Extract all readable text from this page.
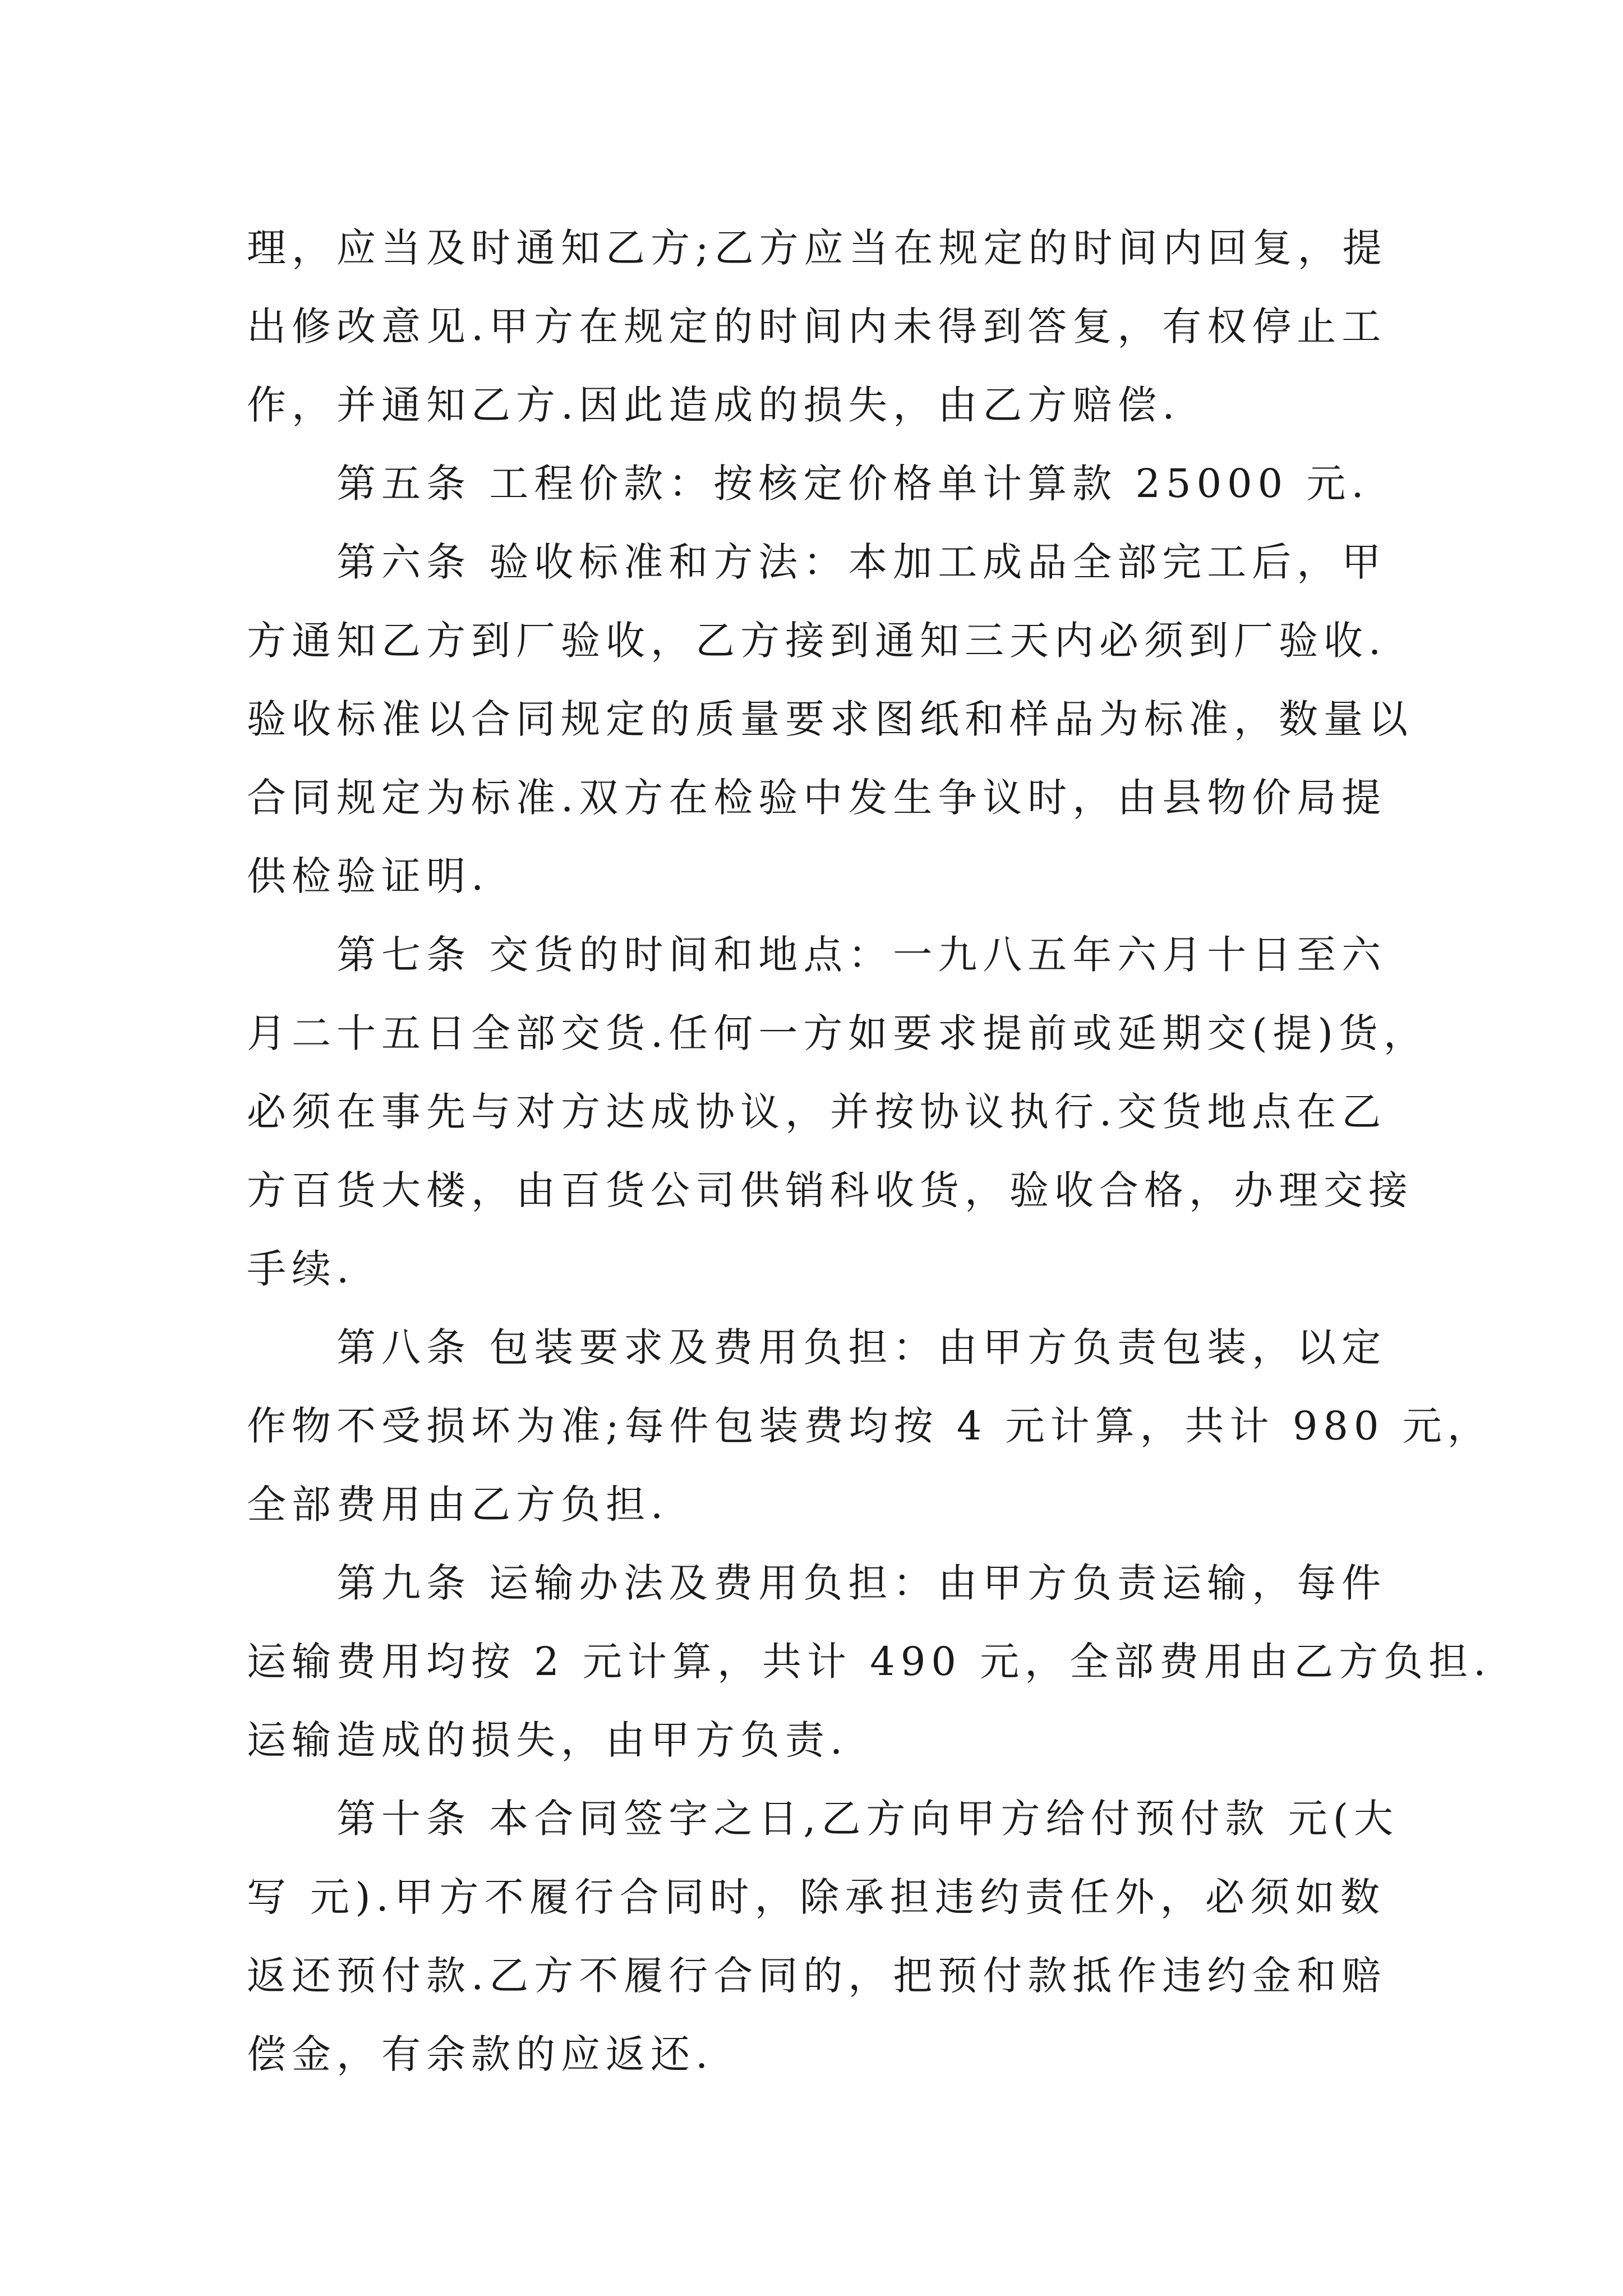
理，应当及时通知乙方;乙方应当在规定的时间内回复，提
出修改意见.甲方在规定的时间内未得到答复，有权停止工
作，并通知乙方.因此造成的损失，由乙方赔偿.
第五条 工程价款：按核定价格单计算款 25000 元.
第六条 验收标准和方法：本加工成品全部完工后，甲
方通知乙方到厂验收，乙方接到通知三天内必须到厂验收.
验收标准以合同规定的质量要求图纸和样品为标准，数量以
合同规定为标准.双方在检验中发生争议时，由县物价局提
供检验证明.
第七条 交货的时间和地点：一九八五年六月十日至六
月二十五日全部交货.任何一方如要求提前或延期交(提)货，
必须在事先与对方达成协议，并按协议执行.交货地点在乙
方百货大楼，由百货公司供销科收货，验收合格，办理交接
手续.
第八条 包装要求及费用负担：由甲方负责包装，以定
作物不受损坏为准;每件包装费均按 4 元计算，共计 980 元，
全部费用由乙方负担.
第九条 运输办法及费用负担：由甲方负责运输，每件
运输费用均按 2 元计算，共计 490 元，全部费用由乙方负担.
运输造成的损失，由甲方负责.
第十条 本合同签字之日,乙方向甲方给付预付款 元(大
写 元).甲方不履行合同时，除承担违约责任外，必须如数
返还预付款.乙方不履行合同的，把预付款抵作违约金和赔
偿金，有余款的应返还.
